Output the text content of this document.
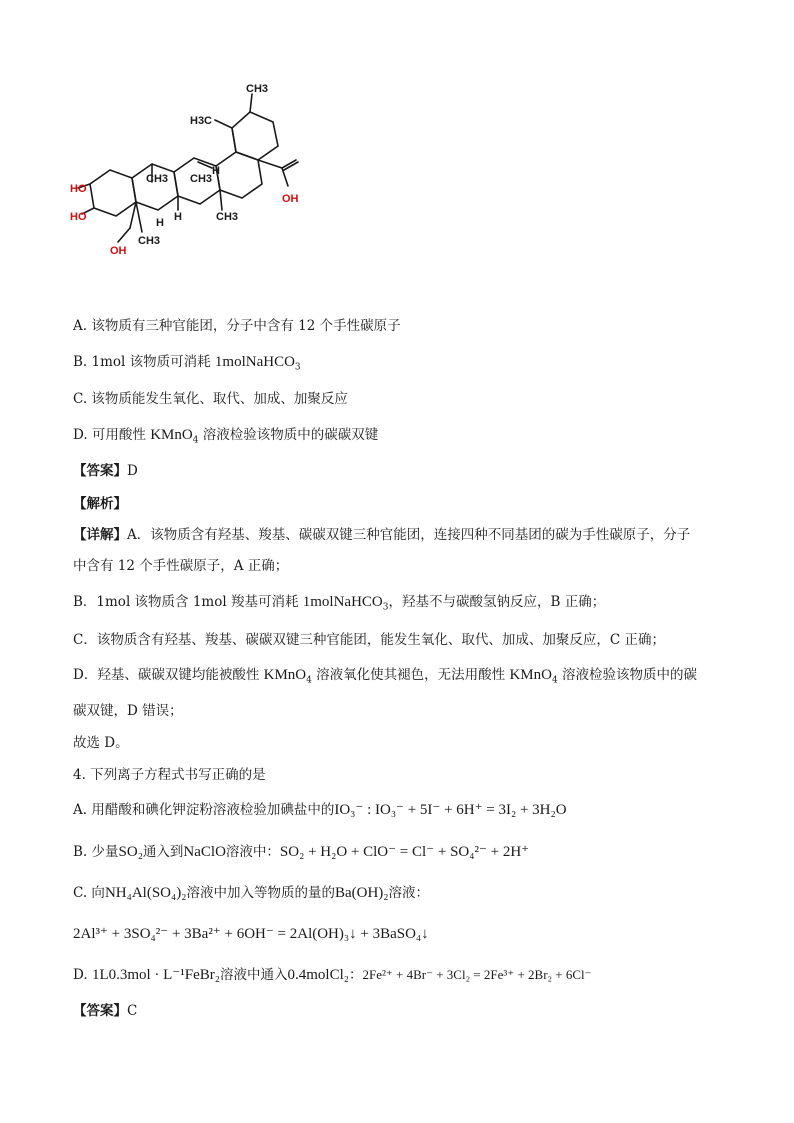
CH3
H3C
OH
HO
HO
OH
CH3 CH3
CH3
CH3
H
H
H
A. 该物质有三种官能团，分子中含有 12 个手性碳原子
B. 1mol 该物质可消耗 1molNaHCO$_3$
C. 该物质能发生氧化、取代、加成、加聚反应
D. 可用酸性 KMnO$_4$ 溶液检验该物质中的碳碳双键
【答案】D
【解析】
【详解】A．该物质含有羟基、羧基、碳碳双键三种官能团，连接四种不同基团的碳为手性碳原子，分子
中含有 12 个手性碳原子，A 正确；
B．1mol 该物质含 1mol 羧基可消耗 1molNaHCO$_3$，羟基不与碳酸氢钠反应，B 正确；
C．该物质含有羟基、羧基、碳碳双键三种官能团，能发生氧化、取代、加成、加聚反应，C 正确；
D．羟基、碳碳双键均能被酸性 KMnO$_4$ 溶液氧化使其褪色，无法用酸性 KMnO$_4$ 溶液检验该物质中的碳
碳双键，D 错误；
故选 D。
4. 下列离子方程式书写正确的是
A. 用醋酸和碘化钾淀粉溶液检验加碘盐中的IO₃⁻ : IO₃⁻ + 5I⁻ + 6H⁺ = 3I₂ + 3H₂O
B. 少量SO₂通入到NaClO溶液中：SO₂ + H₂O + ClO⁻ = Cl⁻ + SO₄²⁻ + 2H⁺
C. 向NH₄Al(SO₄)₂溶液中加入等物质的量的Ba(OH)₂溶液：
2Al³⁺ + 3SO₄²⁻ + 3Ba²⁺ + 6OH⁻ = 2Al(OH)₃↓ + 3BaSO₄↓
D. 1L0.3mol · L⁻¹FeBr₂溶液中通入0.4molCl₂：2Fe²⁺ + 4Br⁻ + 3Cl₂ = 2Fe³⁺ + 2Br₂ + 6Cl⁻
【答案】C
